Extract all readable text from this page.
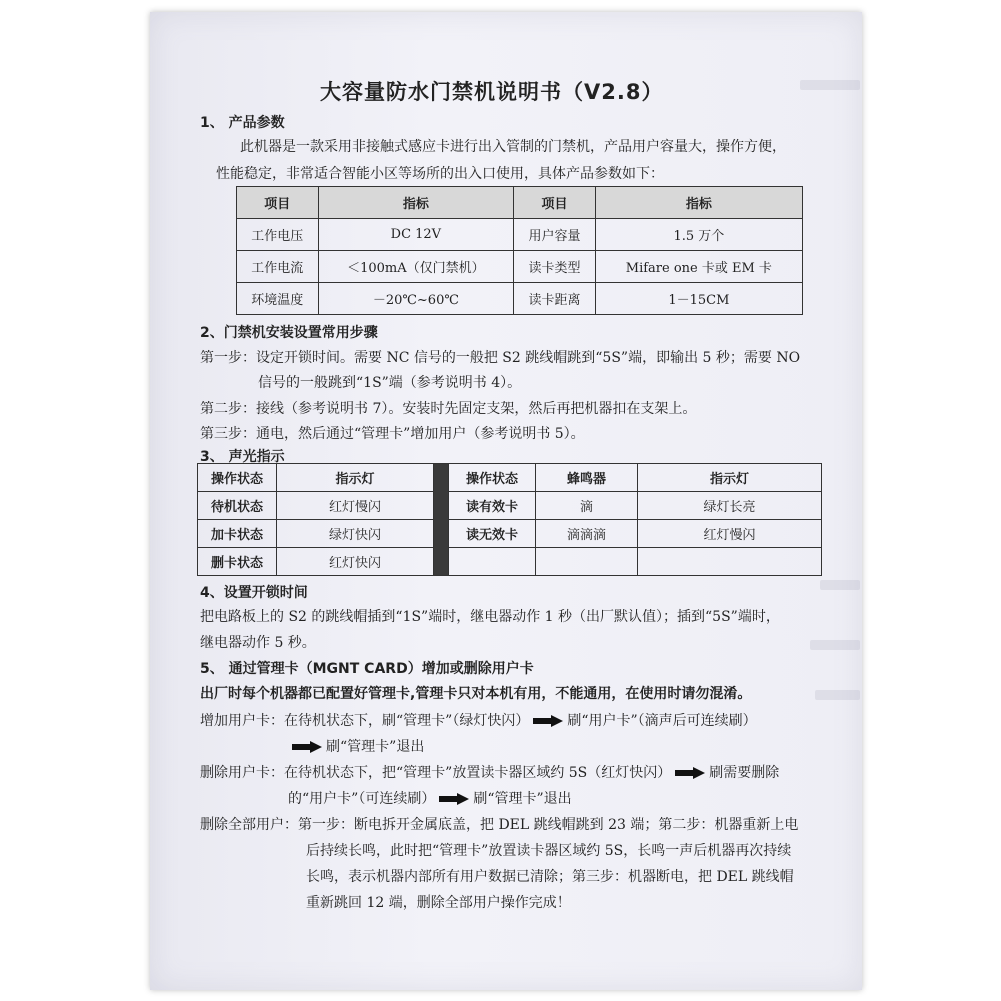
大容量防水门禁机说明书（V2.8）
1、 产品参数
此机器是一款采用非接触式感应卡进行出入管制的门禁机，产品用户容量大，操作方便，
性能稳定，非常适合智能小区等场所的出入口使用，具体产品参数如下：
项目	指标	项目	指标
工作电压	DC 12V	用户容量	1.5 万个
工作电流	＜100mA（仅门禁机）	读卡类型	Mifare one 卡或 EM 卡
环境温度	－20℃~60℃	读卡距离	1－15CM
2、门禁机安装设置常用步骤
第一步：设定开锁时间。需要 NC 信号的一般把 S2 跳线帽跳到“5S”端，即输出 5 秒；需要 NO
信号的一般跳到“1S”端（参考说明书 4）。
第二步：接线（参考说明书 7）。安装时先固定支架，然后再把机器扣在支架上。
第三步：通电，然后通过“管理卡”增加用户（参考说明书 5）。
3、 声光指示
操作状态	指示灯		操作状态	蜂鸣器	指示灯
待机状态	红灯慢闪		读有效卡	滴	绿灯长亮
加卡状态	绿灯快闪		读无效卡	滴滴滴	红灯慢闪
删卡状态	红灯快闪				
4、设置开锁时间
把电路板上的 S2 的跳线帽插到“1S”端时，继电器动作 1 秒（出厂默认值）；插到“5S”端时，
继电器动作 5 秒。
5、 通过管理卡（MGNT CARD）增加或删除用户卡
出厂时每个机器都已配置好管理卡,管理卡只对本机有用，不能通用，在使用时请勿混淆。
增加用户卡：在待机状态下，刷“管理卡”（绿灯快闪）	刷“用户卡”（滴声后可连续刷）
刷“管理卡”退出
删除用户卡：在待机状态下，把“管理卡”放置读卡器区域约 5S（红灯快闪）	刷需要删除
的“用户卡”（可连续刷）	刷“管理卡”退出
删除全部用户：第一步：断电拆开金属底盖，把 DEL 跳线帽跳到 23 端；第二步：机器重新上电
后持续长鸣，此时把“管理卡”放置读卡器区域约 5S，长鸣一声后机器再次持续
长鸣，表示机器内部所有用户数据已清除；第三步：机器断电，把 DEL 跳线帽
重新跳回 12 端，删除全部用户操作完成！
